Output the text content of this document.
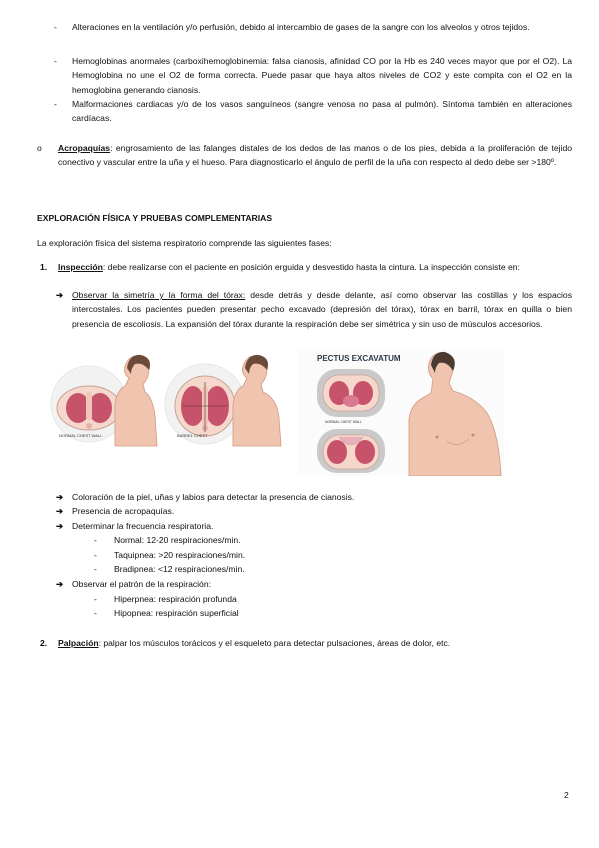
- Alteraciones en la ventilación y/o perfusión, debido al intercambio de gases de la sangre con los alveolos y otros tejidos.
- Hemoglobinas anormales (carboxihemoglobinemia: falsa cianosis, afinidad CO por la Hb es 240 veces mayor que por el O2). La Hemoglobina no une el O2 de forma correcta. Puede pasar que haya altos niveles de CO2 y este compita con el O2 en la hemoglobina generando cianosis.
- Malformaciones cardiacas y/o de los vasos sanguíneos (sangre venosa no pasa al pulmón). Síntoma también en alteraciones cardíacas.
o Acropaquías: engrosamiento de las falanges distales de los dedos de las manos o de los pies, debida a la proliferación de tejido conectivo y vascular entre la uña y el hueso. Para diagnosticarlo el ángulo de perfil de la uña con respecto al dedo debe ser >180º.
EXPLORACIÓN FÍSICA Y PRUEBAS COMPLEMENTARIAS
La exploración física del sistema respiratorio comprende las siguientes fases:
1. Inspección: debe realizarse con el paciente en posición erguida y desvestido hasta la cintura. La inspección consiste en:
➔ Observar la simetría y la forma del tórax: desde detrás y desde delante, así como observar las costillas y los espacios intercostales. Los pacientes pueden presentar pecho excavado (depresión del tórax), tórax en barril, tórax en quilla o bien presencia de escoliosis. La expansión del tórax durante la respiración debe ser simétrica y sin uso de músculos accesorios.
NORMAL CHEST WALL	BARREL CHEST
PECTUS EXCAVATUM
NORMAL CHEST WALL
➔ Coloración de la piel, uñas y labios para detectar la presencia de cianosis.
➔ Presencia de acropaquías.
➔ Determinar la frecuencia respiratoria.
- Normal: 12-20 respiraciones/min.
- Taquipnea: >20 respiraciones/min.
- Bradipnea: <12 respiraciones/min.
➔ Observar el patrón de la respiración:
- Hiperpnea: respiración profunda
- Hipopnea: respiración superficial
2. Palpación: palpar los músculos torácicos y el esqueleto para detectar pulsaciones, áreas de dolor, etc.
2
